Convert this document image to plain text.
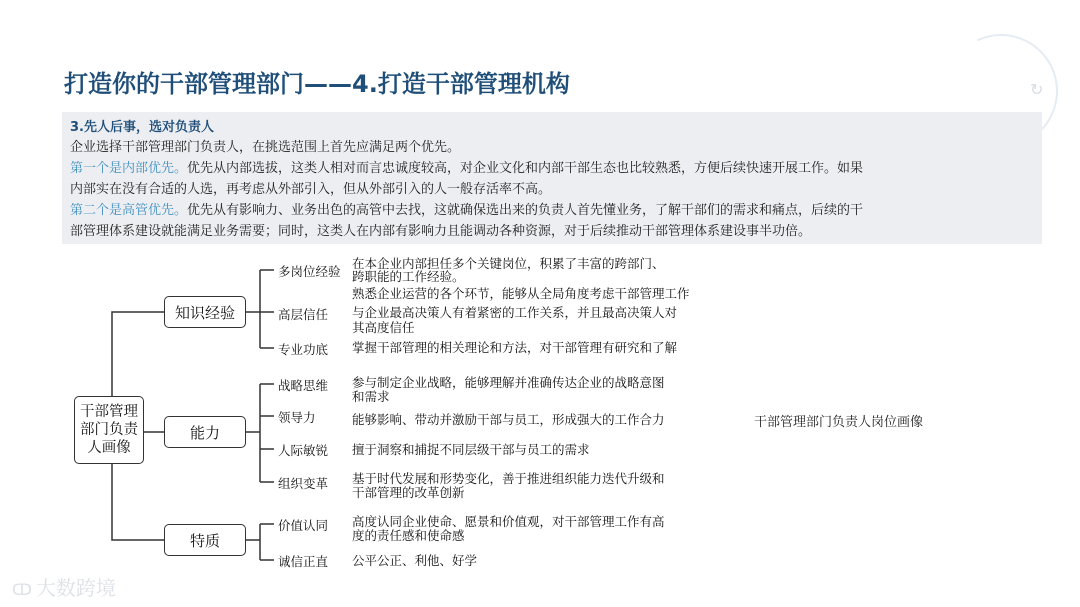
↻
打造你的干部管理部门——4.打造干部管理机构
3.先人后事，选对负责人
企业选择干部管理部门负责人，在挑选范围上首先应满足两个优先。
第一个是内部优先。优先从内部选拔，这类人相对而言忠诚度较高，对企业文化和内部干部生态也比较熟悉，方便后续快速开展工作。如果
内部实在没有合适的人选，再考虑从外部引入，但从外部引入的人一般存活率不高。
第二个是高管优先。优先从有影响力、业务出色的高管中去找，这就确保选出来的负责人首先懂业务，了解干部们的需求和痛点，后续的干
部管理体系建设就能满足业务需要；同时，这类人在内部有影响力且能调动各种资源，对于后续推动干部管理体系建设事半功倍。
干部管理
部门负责
人画像
知识经验
能力
特质
多岗位经验
高层信任
专业功底
战略思维
领导力
人际敏锐
组织变革
价值认同
诚信正直
在本企业内部担任多个关键岗位，积累了丰富的跨部门、
跨职能的工作经验。
熟悉企业运营的各个环节，能够从全局角度考虑干部管理工作
与企业最高决策人有着紧密的工作关系，并且最高决策人对
其高度信任
掌握干部管理的相关理论和方法，对干部管理有研究和了解
参与制定企业战略，能够理解并准确传达企业的战略意图
和需求
能够影响、带动并激励干部与员工，形成强大的工作合力
擅于洞察和捕捉不同层级干部与员工的需求
基于时代发展和形势变化，善于推进组织能力迭代升级和
干部管理的改革创新
高度认同企业使命、愿景和价值观，对干部管理工作有高
度的责任感和使命感
公平公正、利他、好学
干部管理部门负责人岗位画像
ↀ 大数跨境
